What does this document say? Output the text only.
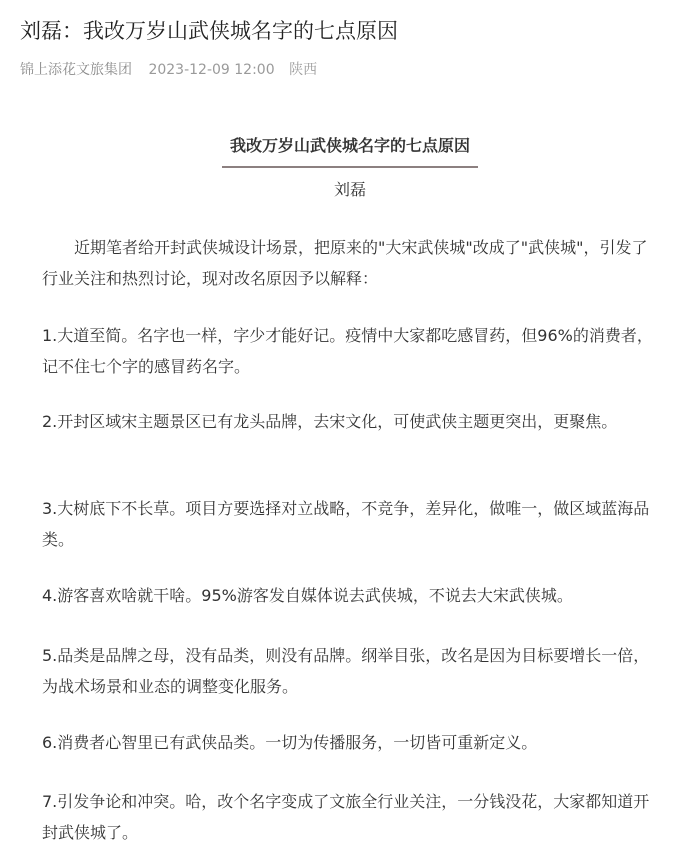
刘磊：我改万岁山武侠城名字的七点原因
锦上添花文旅集团 2023-12-09 12:00 陕西
我改万岁山武侠城名字的七点原因
刘磊

近期笔者给开封武侠城设计场景，把原来的"大宋武侠城"改成了"武侠城"，引发了行业关注和热烈讨论，现对改名原因予以解释：

1.大道至简。名字也一样，字少才能好记。疫情中大家都吃感冒药，但96%的消费者，记不住七个字的感冒药名字。

2.开封区域宋主题景区已有龙头品牌，去宋文化，可使武侠主题更突出，更聚焦。

3.大树底下不长草。项目方要选择对立战略，不竞争，差异化，做唯一，做区域蓝海品类。

4.游客喜欢啥就干啥。95%游客发自媒体说去武侠城，不说去大宋武侠城。

5.品类是品牌之母，没有品类，则没有品牌。纲举目张，改名是因为目标要增长一倍，为战术场景和业态的调整变化服务。

6.消费者心智里已有武侠品类。一切为传播服务，一切皆可重新定义。

7.引发争论和冲突。哈，改个名字变成了文旅全行业关注，一分钱没花，大家都知道开封武侠城了。
